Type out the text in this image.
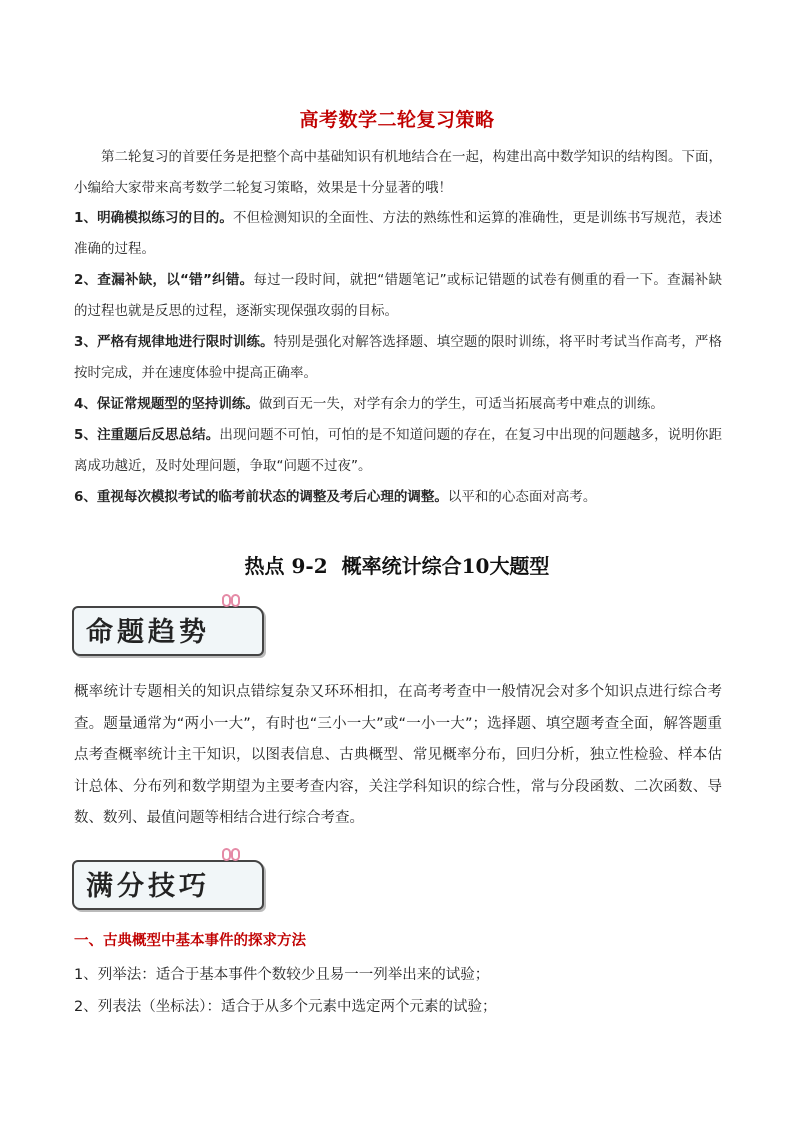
高考数学二轮复习策略
第二轮复习的首要任务是把整个高中基础知识有机地结合在一起，构建出高中数学知识的结构图。下面，小编给大家带来高考数学二轮复习策略，效果是十分显著的哦！
1、明确模拟练习的目的。不但检测知识的全面性、方法的熟练性和运算的准确性，更是训练书写规范，表述准确的过程。
2、查漏补缺，以“错”纠错。每过一段时间，就把“错题笔记”或标记错题的试卷有侧重的看一下。查漏补缺的过程也就是反思的过程，逐渐实现保强攻弱的目标。
3、严格有规律地进行限时训练。特别是强化对解答选择题、填空题的限时训练，将平时考试当作高考，严格按时完成，并在速度体验中提高正确率。
4、保证常规题型的坚持训练。做到百无一失，对学有余力的学生，可适当拓展高考中难点的训练。
5、注重题后反思总结。出现问题不可怕，可怕的是不知道问题的存在，在复习中出现的问题越多，说明你距离成功越近，及时处理问题，争取“问题不过夜”。
6、重视每次模拟考试的临考前状态的调整及考后心理的调整。以平和的心态面对高考。
热点 9-2 概率统计综合10大题型
命题趋势
概率统计专题相关的知识点错综复杂又环环相扣，在高考考查中一般情况会对多个知识点进行综合考查。题量通常为“两小一大”，有时也“三小一大”或“一小一大”；选择题、填空题考查全面，解答题重点考查概率统计主干知识，以图表信息、古典概型、常见概率分布，回归分析，独立性检验、样本估计总体、分布列和数学期望为主要考查内容，关注学科知识的综合性，常与分段函数、二次函数、导数、数列、最值问题等相结合进行综合考查。
满分技巧
一、古典概型中基本事件的探求方法
1、列举法：适合于基本事件个数较少且易一一列举出来的试验；
2、列表法（坐标法）：适合于从多个元素中选定两个元素的试验；
